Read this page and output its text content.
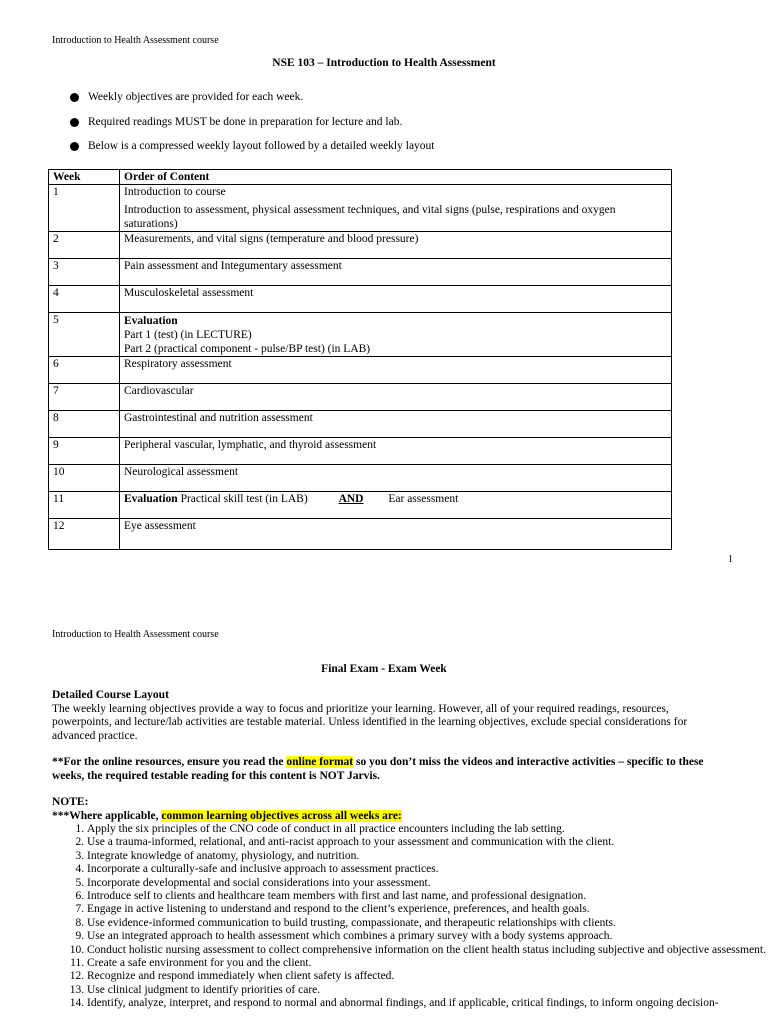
Introduction to Health Assessment course
NSE 103 – Introduction to Health Assessment
Weekly objectives are provided for each week.
Required readings MUST be done in preparation for lecture and lab.
Below is a compressed weekly layout followed by a detailed weekly layout
Week	Order of Content
1	Introduction to course
Introduction to assessment, physical assessment techniques, and vital signs (pulse, respirations and oxygen saturations)

2	Measurements, and vital signs (temperature and blood pressure)
3	Pain assessment and Integumentary assessment
4	Musculoskeletal assessment
5	Evaluation
Part 1 (test) (in LECTURE)
Part 2 (practical component - pulse/BP test) (in LAB)

6	Respiratory assessment
7	Cardiovascular
8	Gastrointestinal and nutrition assessment
9	Peripheral vascular, lymphatic, and thyroid assessment
10	Neurological assessment
11	Evaluation Practical skill test (in LAB) AND Ear assessment
12	Eye assessment
1
Introduction to Health Assessment course
Final Exam - Exam Week
Detailed Course Layout
The weekly learning objectives provide a way to focus and prioritize your learning. However, all of your required readings, resources, powerpoints, and lecture/lab activities are testable material. Unless identified in the learning objectives, exclude special considerations for advanced practice.
**For the online resources, ensure you read the online format so you don’t miss the videos and interactive activities – specific to these weeks, the required testable reading for this content is NOT Jarvis.
NOTE:
***Where applicable, common learning objectives across all weeks are:
1. Apply the six principles of the CNO code of conduct in all practice encounters including the lab setting.
2. Use a trauma-informed, relational, and anti-racist approach to your assessment and communication with the client.
3. Integrate knowledge of anatomy, physiology, and nutrition.
4. Incorporate a culturally-safe and inclusive approach to assessment practices.
5. Incorporate developmental and social considerations into your assessment.
6. Introduce self to clients and healthcare team members with first and last name, and professional designation.
7. Engage in active listening to understand and respond to the client’s experience, preferences, and health goals.
8. Use evidence-informed communication to build trusting, compassionate, and therapeutic relationships with clients.
9. Use an integrated approach to health assessment which combines a primary survey with a body systems approach.
10. Conduct holistic nursing assessment to collect comprehensive information on the client health status including subjective and objective assessment.
11. Create a safe environment for you and the client.
12. Recognize and respond immediately when client safety is affected.
13. Use clinical judgment to identify priorities of care.
14. Identify, analyze, interpret, and respond to normal and abnormal findings, and if applicable, critical findings, to inform ongoing decision-
